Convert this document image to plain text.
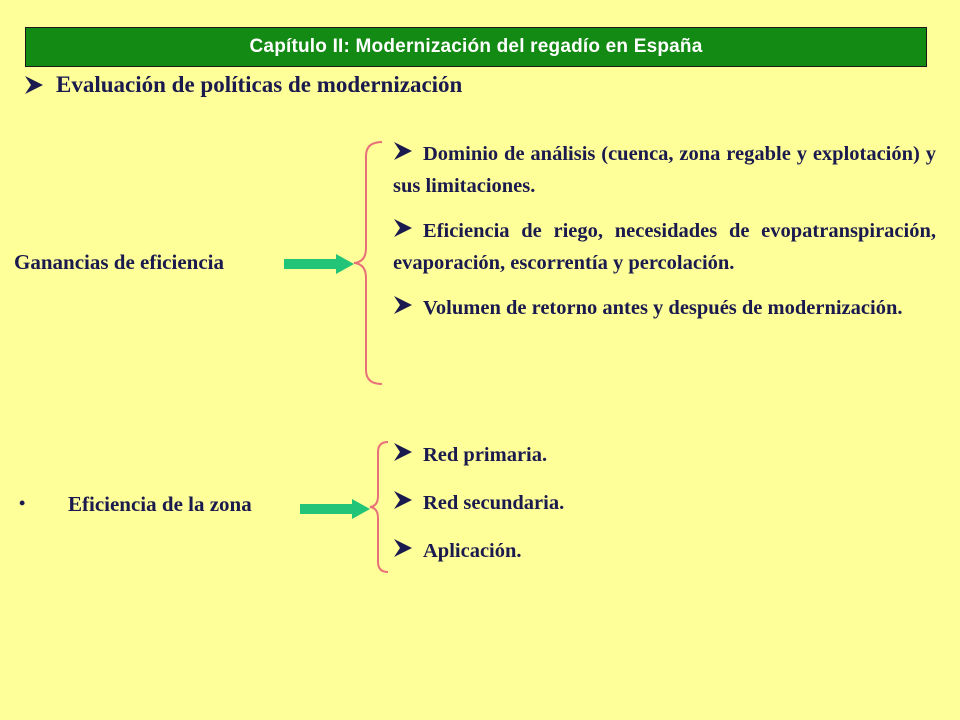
Capítulo II: Modernización del regadío en España
Evaluación de políticas de modernización
Ganancias de eficiencia
Dominio de análisis (cuenca, zona regable y explotación) y sus limitaciones.
Eficiencia de riego, necesidades de evopatranspiración, evaporación, escorrentía y percolación.
Volumen de retorno antes y después de modernización.
• Eficiencia de la zona
Red primaria.
Red secundaria.
Aplicación.
